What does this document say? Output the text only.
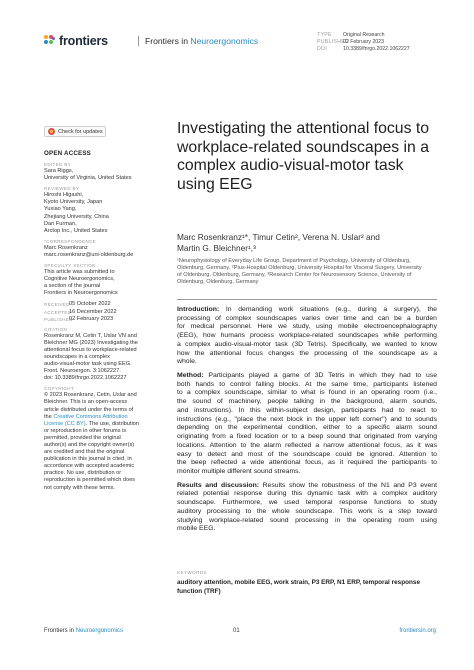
frontiers	Frontiers in Neuroergonomics
TYPE	Original Research
PUBLISHED
02 February 2023
DOI	10.3389/fnrgo.2022.1062227
Check for updates
OPEN ACCESS
EDITED BY
Sara Riggs,
University of Virginia, United States
REVIEWED BY
Hiroshi Higashi,
Kyoto University, Japan
Yuxiao Yang,
Zhejiang University, China
Dan Furman,
Arctop Inc., United States
*CORRESPONDENCE
Marc Rosenkranz
marc.rosenkranz@uni-oldenburg.de
SPECIALTY SECTION
This article was submitted to
Cognitive Neuroergonomics,
a section of the journal
Frontiers in Neuroergonomics
RECEIVED 05 October 2022
ACCEPTED
16 December 2022
PUBLISHED
02 February 2023
CITATION
Rosenkranz M, Cetin T, Uslar VN and
Bleichner MG (2023) Investigating the
attentional focus to workplace-related
soundscapes in a complex
audio-visual-motor task using EEG.
Front. Neuroergon. 3:1062227.
doi: 10.3389/fnrgo.2022.1062227
COPYRIGHT
© 2023 Rosenkranz, Cetin, Uslar and
Bleichner. This is an open-access
article distributed under the terms of
the Creative Commons Attribution
License (CC BY). The use, distribution
or reproduction in other forums is
permitted, provided the original
author(s) and the copyright owner(s)
are credited and that the original
publication in this journal is cited, in
accordance with accepted academic
practice. No use, distribution or
reproduction is permitted which does
not comply with these terms.
Investigating the attentional focus to workplace-related soundscapes in a complex audio-visual-motor task using EEG
Marc Rosenkranz¹*, Timur Cetin², Verena N. Uslar² and
Martin G. Bleichner¹,³
¹Neurophysiology of Everyday Life Group, Department of Psychology, University of Oldenburg,
Oldenburg, Germany, ²Pius-Hospital Oldenburg, University Hospital for Visceral Surgery, University
of Oldenburg, Oldenburg, Germany, ³Research Center for Neurosensory Science, University of
Oldenburg, Oldenburg, Germany

Introduction: In demanding work situations (e.g., during a surgery), the
processing of complex soundscapes varies over time and can be a burden
for medical personnel. Here we study, using mobile electroencephalography
(EEG), how humans process workplace-related soundscapes while performing
a complex audio-visual-motor task (3D Tetris). Specifically, we wanted to know
how the attentional focus changes the processing of the soundscape as a
whole.

Method: Participants played a game of 3D Tetris in which they had to use
both hands to control falling blocks. At the same time, participants listened
to a complex soundscape, similar to what is found in an operating room (i.e.,
the sound of machinery, people talking in the background, alarm sounds,
and instructions). In this within-subject design, participants had to react to
instructions (e.g., "place the next block in the upper left corner") and to sounds
depending on the experimental condition, either to a specific alarm sound
originating from a fixed location or to a beep sound that originated from varying
locations. Attention to the alarm reflected a narrow attentional focus, as it was
easy to detect and most of the soundscape could be ignored. Attention to
the beep reflected a wide attentional focus, as it required the participants to
monitor multiple different sound streams.

Results and discussion: Results show the robustness of the N1 and P3 event
related potential response during this dynamic task with a complex auditory
soundscape. Furthermore, we used temporal response functions to study
auditory processing to the whole soundscape. This work is a step toward
studying workplace-related sound processing in the operating room using
mobile EEG.

KEYWORDS
auditory attention, mobile EEG, work strain, P3 ERP, N1 ERP, temporal response function (TRF)
Frontiers in Neuroergonomics	01	frontiersin.org
